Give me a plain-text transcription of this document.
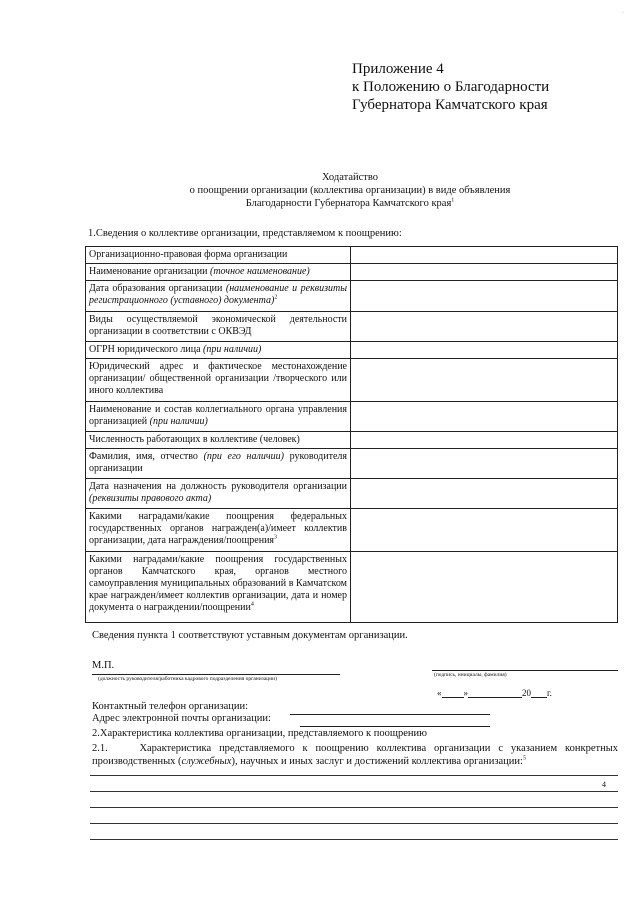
·
Приложение 4
к Положению о Благодарности
Губернатора Камчатского края
Ходатайство
о поощрении организации (коллектива организации) в виде объявления
Благодарности Губернатора Камчатского края$^1$
1.Сведения о коллективе организации, представляемом к поощрению:
Организационно-правовая форма организации	
Наименование организации (точное наименование)	
Дата образования организации (наименование и реквизиты регистрационного (уставного) документа)$^2$	
Виды осуществляемой экономической деятельности организации в соответствии с ОКВЭД	
ОГРН юридического лица (при наличии)	
Юридический адрес и фактическое местонахождение организации/ общественной организации /творческого или иного коллектива	
Наименование и состав коллегиального органа управления организацией (при наличии)	
Численность работающих в коллективе (человек)	
Фамилия, имя, отчество (при его наличии) руководителя организации	
Дата назначения на должность руководителя организации (реквизиты правового акта)	
Какими наградами/какие поощрения федеральных государственных органов награжден(а)/имеет коллектив организации, дата награждения/поощрения$^3$	
Какими наградами/какие поощрения государственных органов Камчатского края, органов местного самоуправления муниципальных образований в Камчатском крае награжден/имеет коллектив организации, дата и номер документа о награждении/поощрении$^4$	
Сведения пункта 1 соответствуют уставным документам организации.
М.П.
(должность руководителя/работника кадрового подразделения организации)
(подпись, инициалы, фамилия)
« »	20 г.
Контактный телефон организации:
Адрес электронной почты организации:
2.Характеристика коллектива организации, представляемого к поощрению
2.1.	Характеристика представляемого к поощрению коллектива организации с указанием конкретных производственных (служебных), научных и иных заслуг и достижений коллектива организации:$^5$
4
